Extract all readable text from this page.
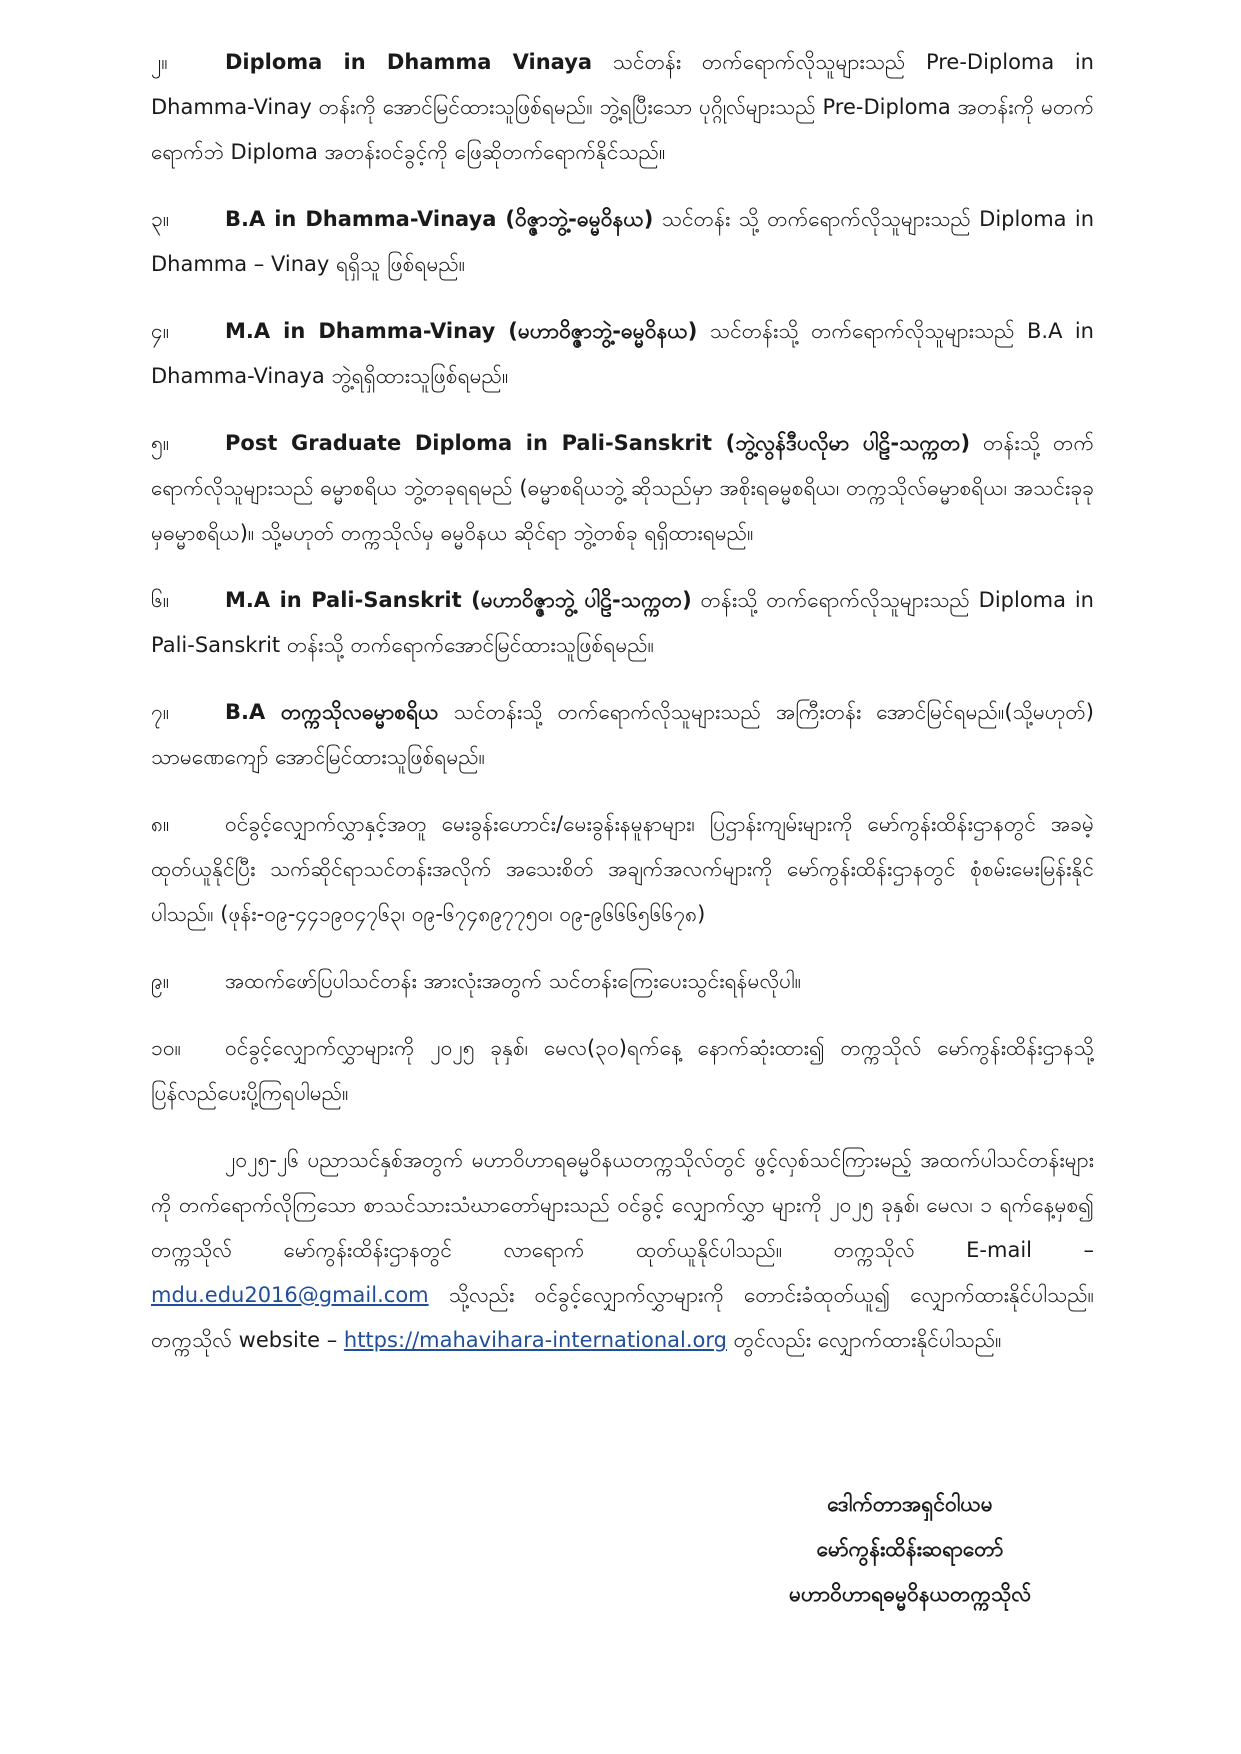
၂။	Diploma in Dhamma Vinaya သင်တန်း တက်ရောက်လိုသူများသည် Pre-Diploma in Dhamma-Vinay တန်းကို အောင်မြင်ထားသူဖြစ်ရမည်။ ဘွဲ့ရပြီးသော ပုဂ္ဂိုလ်များသည် Pre-Diploma အတန်းကို မတက်ရောက်ဘဲ Diploma အတန်းဝင်ခွင့်ကို ဖြေဆိုတက်ရောက်နိုင်သည်။

၃။	B.A in Dhamma-Vinaya (ဝိဇ္ဇာဘွဲ့-ဓမ္မဝိနယ) သင်တန်း သို့ တက်ရောက်လိုသူများသည် Diploma in Dhamma – Vinay ရရှိသူ ဖြစ်ရမည်။

၄။	M.A in Dhamma-Vinay (မဟာဝိဇ္ဇာဘွဲ့-ဓမ္မဝိနယ) သင်တန်းသို့ တက်ရောက်လိုသူများသည် B.A in Dhamma-Vinaya ဘွဲ့ရရှိထားသူဖြစ်ရမည်။

၅။	Post Graduate Diploma in Pali-Sanskrit (ဘွဲ့လွန်ဒီပလိုမာ ပါဠိ-သက္ကတ) တန်းသို့ တက်ရောက်လိုသူများသည် ဓမ္မာစရိယ ဘွဲ့တခုရရမည် (ဓမ္မာစရိယဘွဲ့ ဆိုသည်မှာ အစိုးရဓမ္မစရိယ၊ တက္ကသိုလ်ဓမ္မာစရိယ၊ အသင်းခုခုမှဓမ္မာစရိယ)။ သို့မဟုတ် တက္ကသိုလ်မှ ဓမ္မဝိနယ ဆိုင်ရာ ဘွဲ့တစ်ခု ရရှိထားရမည်။

၆။	M.A in Pali-Sanskrit (မဟာဝိဇ္ဇာဘွဲ့ ပါဠိ-သက္ကတ) တန်းသို့ တက်ရောက်လိုသူများသည် Diploma in Pali-Sanskrit တန်းသို့ တက်ရောက်အောင်မြင်ထားသူဖြစ်ရမည်။

၇။	B.A တက္ကသိုလဓမ္မာစရိယ သင်တန်းသို့ တက်ရောက်လိုသူများသည် အကြီးတန်း အောင်မြင်ရမည်။(သို့မဟုတ်) သာမဏေကျော် အောင်မြင်ထားသူဖြစ်ရမည်။

၈။	ဝင်ခွင့်လျှောက်လွှာနှင့်အတူ မေးခွန်းဟောင်း/မေးခွန်းနမူနာများ၊ ပြဌာန်းကျမ်းများကို မော်ကွန်းထိန်းဌာနတွင် အခမဲ့ထုတ်ယူနိုင်ပြီး သက်ဆိုင်ရာသင်တန်းအလိုက် အသေးစိတ် အချက်အလက်များကို မော်ကွန်းထိန်းဌာနတွင် စုံစမ်းမေးမြန်းနိုင်ပါသည်။ (ဖုန်း-၀၉-၄၄၁၉၀၄၇၆၃၊ ၀၉-၆၇၄၈၉၇၇၅၀၊ ၀၉-၉၆၆၆၅၆၆၇၈)

၉။	အထက်ဖော်ပြပါသင်တန်း အားလုံးအတွက် သင်တန်းကြေးပေးသွင်းရန်မလိုပါ။

၁၀။ ဝင်ခွင့်လျှောက်လွှာများကို ၂၀၂၅ ခုနှစ်၊ မေလ(၃၀)ရက်နေ့ နောက်ဆုံးထား၍ တက္ကသိုလ် မော်ကွန်းထိန်းဌာနသို့ ပြန်လည်ပေးပို့ကြရပါမည်။

၂၀၂၅-၂၆ ပညာသင်နှစ်အတွက် မဟာဝိဟာရဓမ္မဝိနယတက္ကသိုလ်တွင် ဖွင့်လှစ်သင်ကြားမည့် အထက်ပါသင်တန်းများကို တက်ရောက်လိုကြသော စာသင်သားသံဃာတော်များသည် ဝင်ခွင့် လျှောက်လွှာ များကို ၂၀၂၅ ခုနှစ်၊ မေလ၊ ၁ ရက်နေ့မှစ၍ တက္ကသိုလ် မော်ကွန်းထိန်းဌာနတွင် လာရောက် ထုတ်ယူနိုင်ပါသည်။ တက္ကသိုလ် E-mail – mdu.edu2016@gmail.com သို့လည်း ဝင်ခွင့်လျှောက်လွှာများကို တောင်းခံထုတ်ယူ၍ လျှောက်ထားနိုင်ပါသည်။တက္ကသိုလ် website – https://mahavihara-international.org တွင်လည်း လျှောက်ထားနိုင်ပါသည်။

ဒေါက်တာအရှင်ဝါယမ
မော်ကွန်းထိန်းဆရာတော်
မဟာဝိဟာရဓမ္မဝိနယတက္ကသိုလ်
